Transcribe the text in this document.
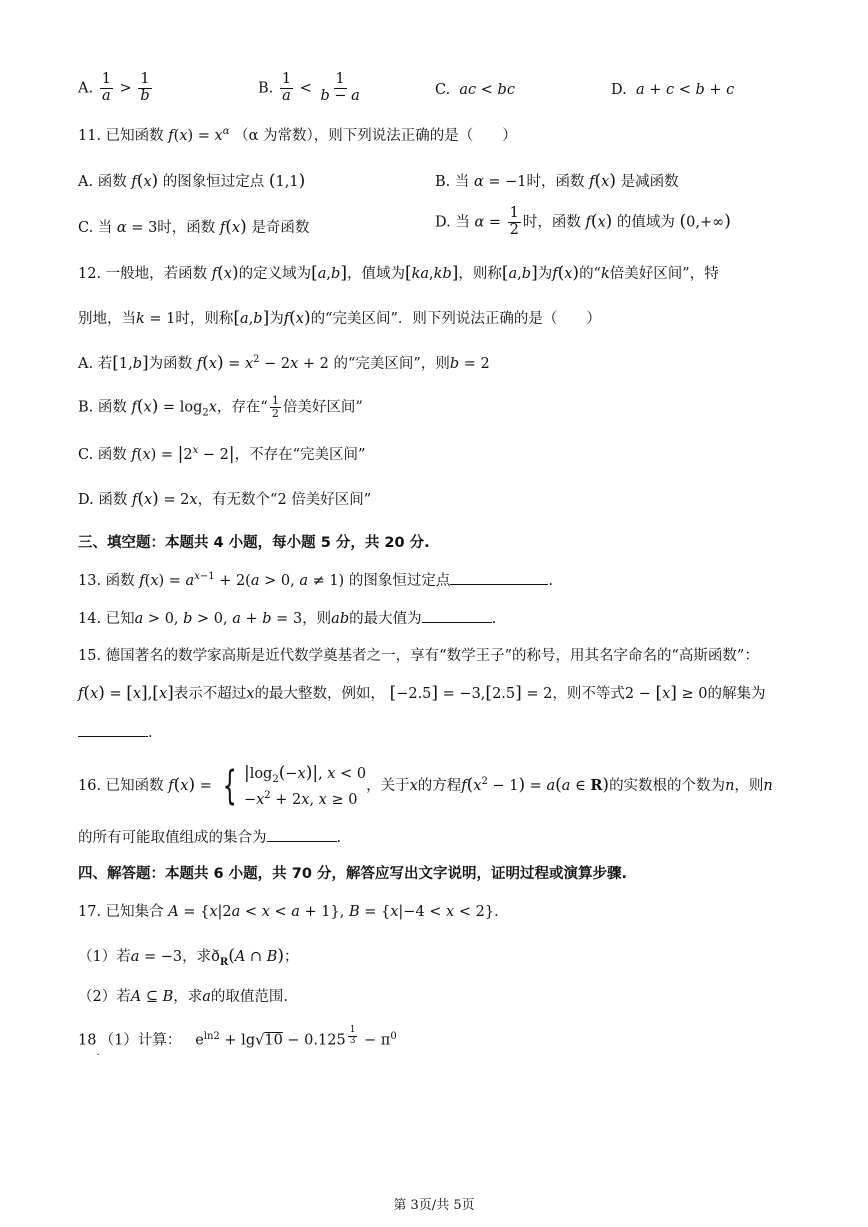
A. $\frac{1}{a} > \frac{1}{b}$	B. $\frac{1}{a} < \frac{1}{b - a}$	C. ac < bc	D. a + c < b + c
11. 已知函数 $f(x) = x^\alpha$ （α 为常数），则下列说法正确的是（　　）
A. 函数 f(x) 的图象恒过定点 (1,1)	B. 当 α = −1时，函数 f(x) 是减函数
C. 当 α = 3时，函数 f(x) 是奇函数	D. 当 $\alpha = \frac{1}{2}$ 时，函数 f(x) 的值域为 (0,+∞)
12. 一般地，若函数 f(x)的定义域为[a,b]，值域为[ka,kb]，则称[a,b]为f(x)的“k倍美好区间”，特
别地，当k = 1时，则称[a,b]为f(x)的“完美区间”．则下列说法正确的是（　　）
A. 若[1,b]为函数 $f(x) = x^2 - 2x + 2$ 的“完美区间”，则b = 2
B. 函数 $f(x) = \log_2x$，存在“ $\frac{1}{2}$ 倍美好区间”
C. 函数 $f(x) = |2^x - 2|$，不存在“完美区间”
D. 函数 f(x) = 2x，有无数个“2 倍美好区间”
三、填空题：本题共 4 小题，每小题 5 分，共 20 分.
13. 函数 $f(x) = a^{x-1} + 2(a > 0$, a ≠ 1) 的图象恒过定点	.
14. 已知a > 0, b > 0, a + b = 3，则ab的最大值为	.
15. 德国著名的数学家高斯是近代数学奠基者之一，享有“数学王子”的称号，用其名字命名的“高斯函数”：
f(x) = [x],[x]表示不超过x的最大整数，例如， [−2.5] = −3,[2.5] = 2，则不等式2 − [x] ≥ 0的解集为
.
16. 已知函数 f(x) = { $|\log_2(-x)|$, x < 0
$-x^2 + 2x$, x ≥ 0
，关于x的方程$f(x^2 - 1) = a(a$ ∈ R)的实数根的个数为n，则n
的所有可能取值组成的集合为	.
四、解答题：本题共 6 小题，共 70 分，解答应写出文字说明，证明过程或演算步骤.
17. 已知集合 A = {x|2a < x < a + 1}, B = {x|−4 < x < 2}．
（1）若a = −3，求$ð_R(A$ ∩ B)；
（2）若A ⊆ B，求a的取值范围.
$18_.(1)$计算：   $e^{ln2} + \lg√10 - 0.125$ $^{\frac{1}{3}} - \pi^0$
第 3页/共 5页
